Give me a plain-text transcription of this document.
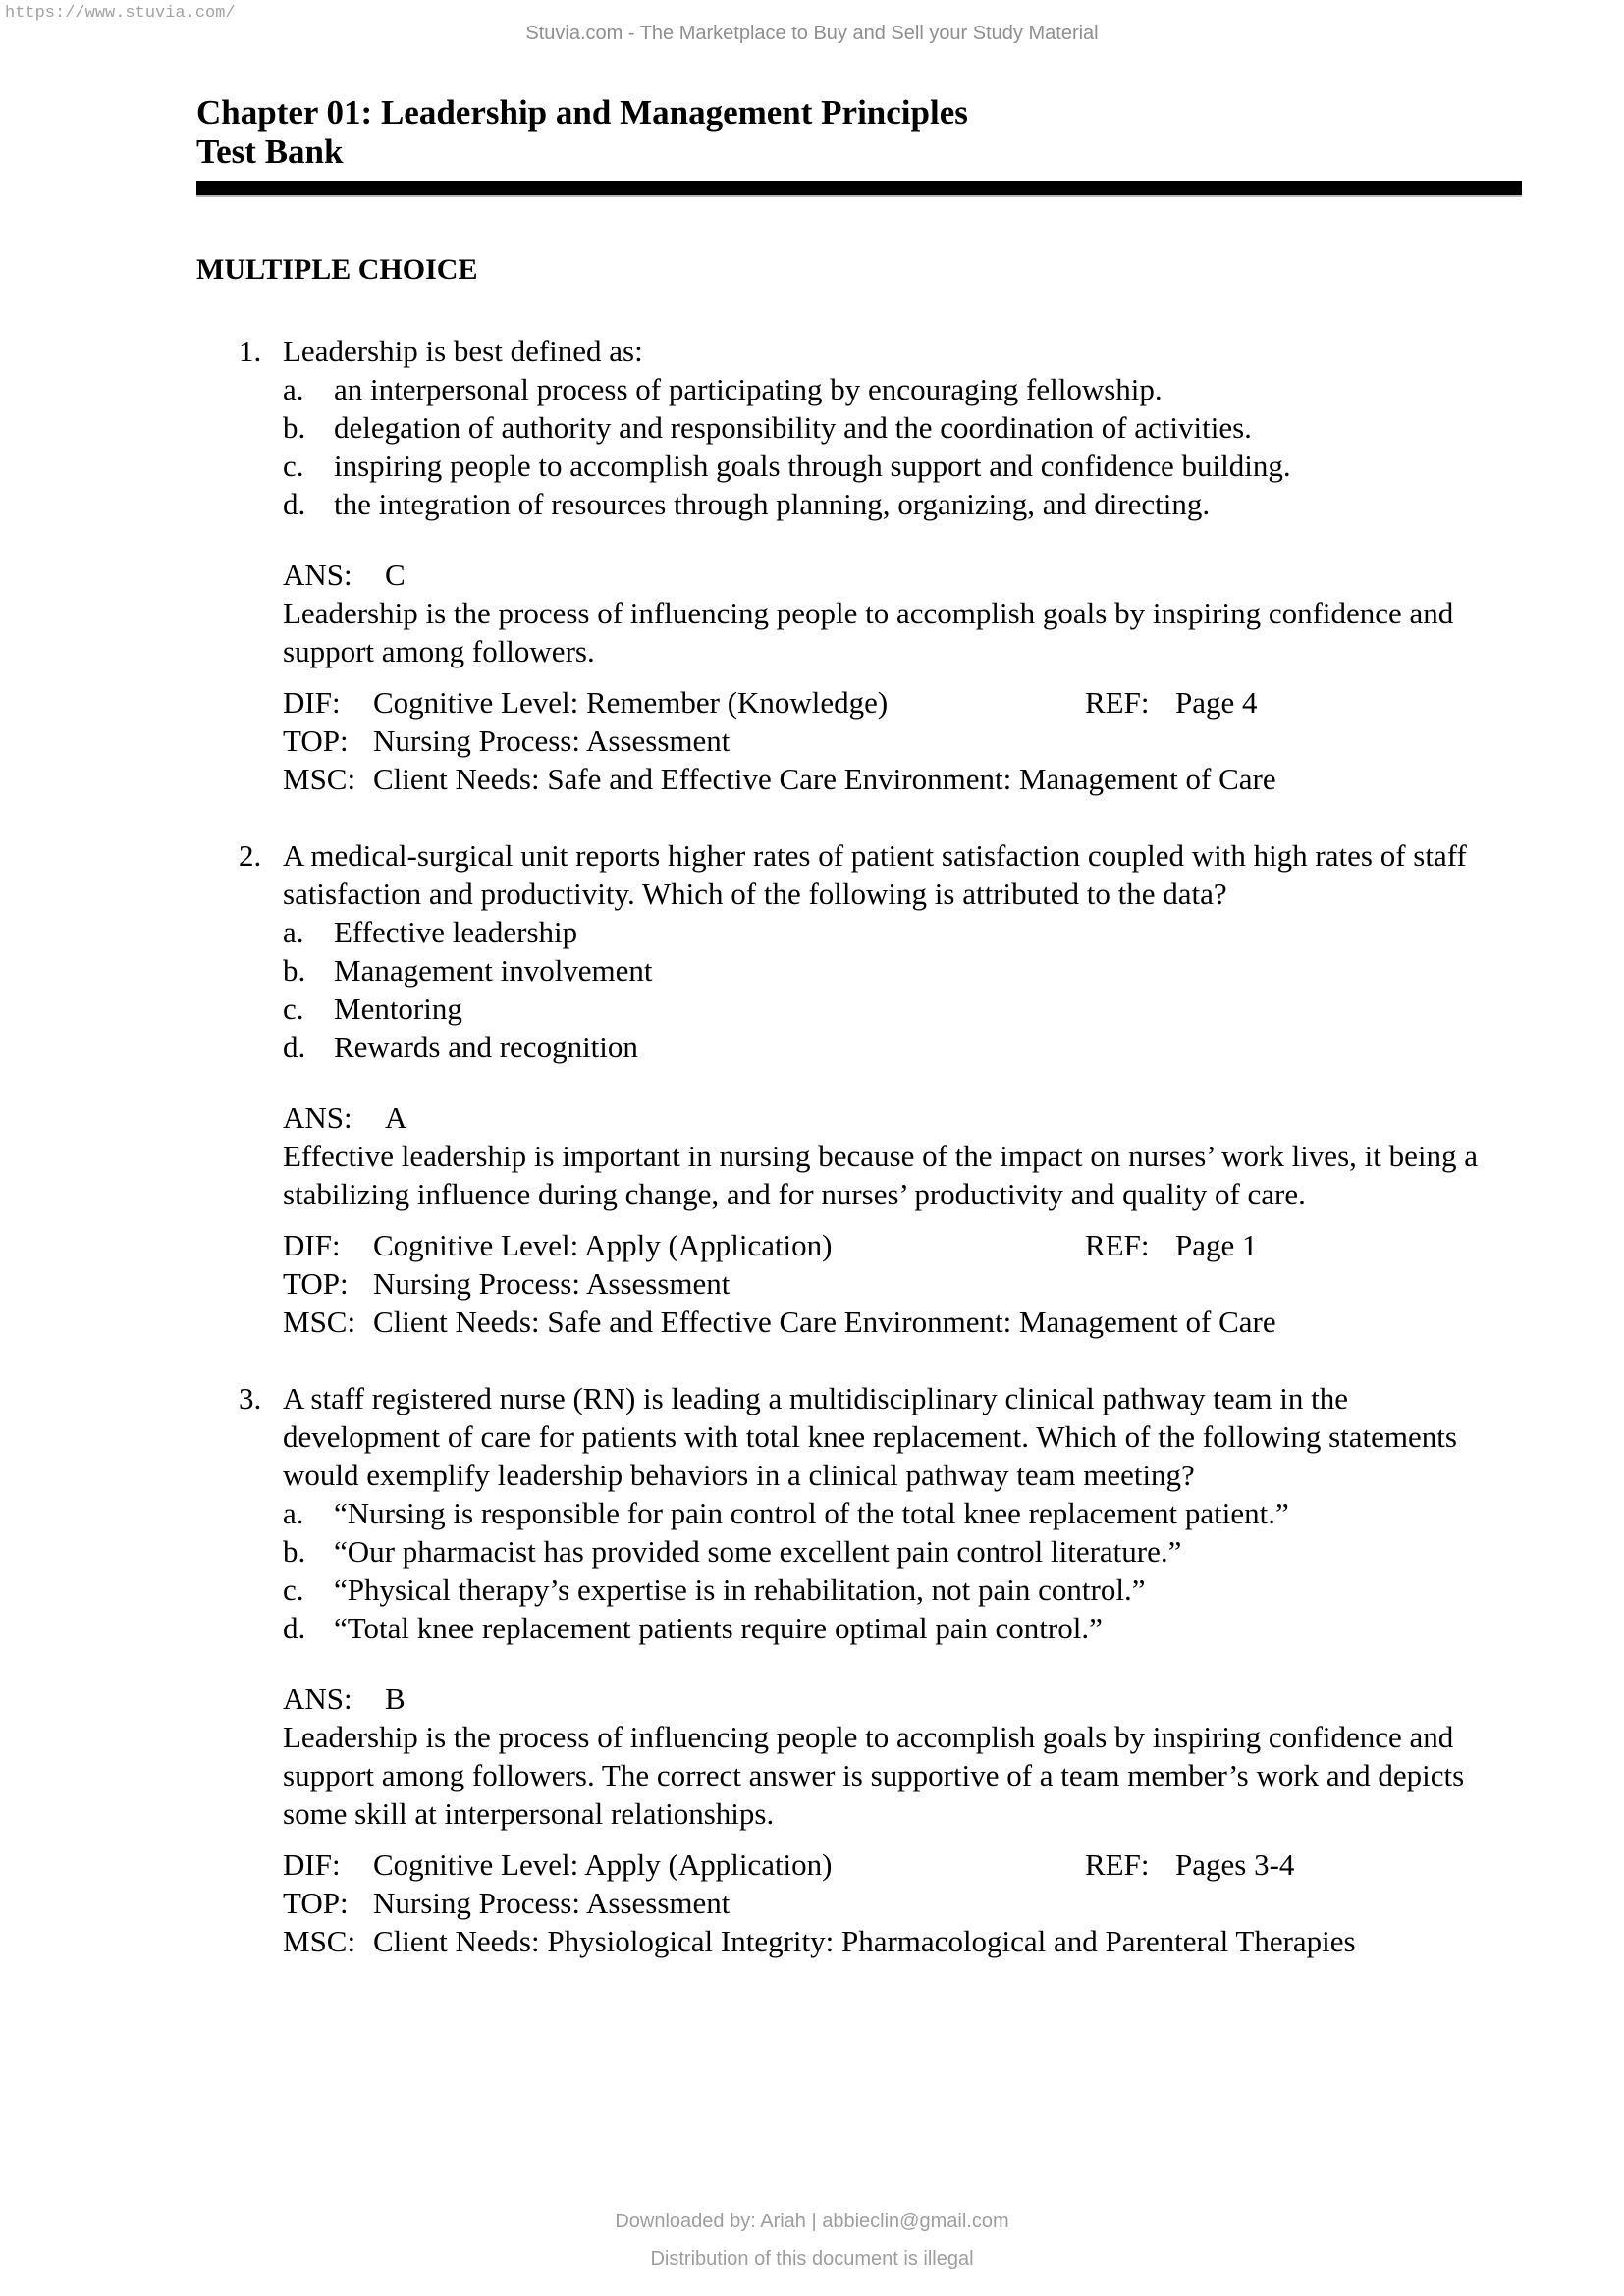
https://www.stuvia.com/
Stuvia.com - The Marketplace to Buy and Sell your Study Material
Chapter 01: Leadership and Management Principles
Test Bank
MULTIPLE CHOICE
1. Leadership is best defined as:
a. an interpersonal process of participating by encouraging fellowship.
b. delegation of authority and responsibility and the coordination of activities.
c. inspiring people to accomplish goals through support and confidence building.
d. the integration of resources through planning, organizing, and directing.
ANS: C
Leadership is the process of influencing people to accomplish goals by inspiring confidence and support among followers.
DIF: Cognitive Level: Remember (Knowledge)	REF: Page 4
TOP: Nursing Process: Assessment
MSC: Client Needs: Safe and Effective Care Environment: Management of Care
2. A medical-surgical unit reports higher rates of patient satisfaction coupled with high rates of staff satisfaction and productivity. Which of the following is attributed to the data?
a. Effective leadership
b. Management involvement
c. Mentoring
d. Rewards and recognition
ANS: A
Effective leadership is important in nursing because of the impact on nurses’ work lives, it being a stabilizing influence during change, and for nurses’ productivity and quality of care.
DIF: Cognitive Level: Apply (Application)	REF: Page 1
TOP: Nursing Process: Assessment
MSC: Client Needs: Safe and Effective Care Environment: Management of Care
3. A staff registered nurse (RN) is leading a multidisciplinary clinical pathway team in the development of care for patients with total knee replacement. Which of the following statements would exemplify leadership behaviors in a clinical pathway team meeting?
a. “Nursing is responsible for pain control of the total knee replacement patient.”
b. “Our pharmacist has provided some excellent pain control literature.”
c. “Physical therapy’s expertise is in rehabilitation, not pain control.”
d. “Total knee replacement patients require optimal pain control.”
ANS: B
Leadership is the process of influencing people to accomplish goals by inspiring confidence and support among followers. The correct answer is supportive of a team member’s work and depicts some skill at interpersonal relationships.
DIF: Cognitive Level: Apply (Application)	REF: Pages 3-4
TOP: Nursing Process: Assessment
MSC: Client Needs: Physiological Integrity: Pharmacological and Parenteral Therapies
Downloaded by: Ariah | abbieclin@gmail.com
Distribution of this document is illegal
